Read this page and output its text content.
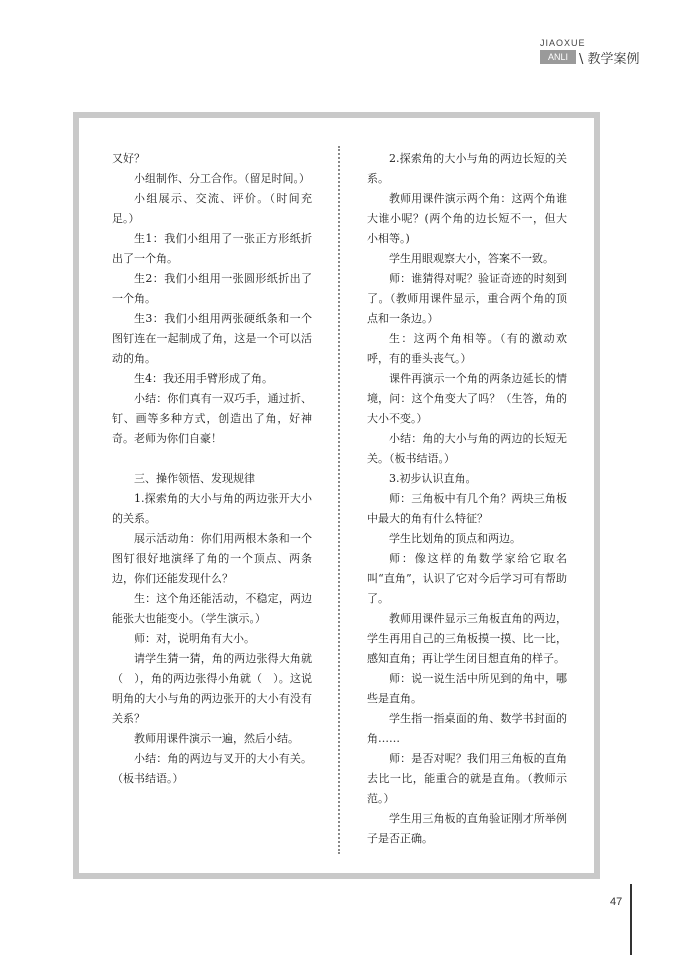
JIAOXUE
ANLI \ 教学案例

又好？

小组制作、分工合作。（留足时间。）

小组展示、交流、评价。（时间充足。）

生1：我们小组用了一张正方形纸折出了一个角。

生2：我们小组用一张圆形纸折出了一个角。

生3：我们小组用两张硬纸条和一个图钉连在一起制成了角，这是一个可以活动的角。

生4：我还用手臂形成了角。

小结：你们真有一双巧手，通过折、钉、画等多种方式，创造出了角，好神奇。老师为你们自豪！

三、操作领悟、发现规律

1.探索角的大小与角的两边张开大小的关系。

展示活动角：你们用两根木条和一个图钉很好地演绎了角的一个顶点、两条边，你们还能发现什么？

生：这个角还能活动，不稳定，两边能张大也能变小。（学生演示。）

师：对，说明角有大小。

请学生猜一猜，角的两边张得大角就（　），角的两边张得小角就（　）。这说明角的大小与角的两边张开的大小有没有关系？

教师用课件演示一遍，然后小结。

小结：角的两边与叉开的大小有关。（板书结语。）

2.探索角的大小与角的两边长短的关系。

教师用课件演示两个角：这两个角谁大谁小呢？(两个角的边长短不一，但大小相等。)

学生用眼观察大小，答案不一致。

师：谁猜得对呢？验证奇迹的时刻到了。（教师用课件显示，重合两个角的顶点和一条边。）

生：这两个角相等。（有的激动欢呼，有的垂头丧气。）

课件再演示一个角的两条边延长的情境，问：这个角变大了吗？（生答，角的大小不变。）

小结：角的大小与角的两边的长短无关。（板书结语。）

3.初步认识直角。

师：三角板中有几个角？两块三角板中最大的角有什么特征？

学生比划角的顶点和两边。

师：像这样的角数学家给它取名叫“直角”，认识了它对今后学习可有帮助了。

教师用课件显示三角板直角的两边，学生再用自己的三角板摸一摸、比一比，感知直角；再让学生闭目想直角的样子。

师：说一说生活中所见到的角中，哪些是直角。

学生指一指桌面的角、数学书封面的角……

师：是否对呢？我们用三角板的直角去比一比，能重合的就是直角。（教师示范。）

学生用三角板的直角验证刚才所举例子是否正确。

47
